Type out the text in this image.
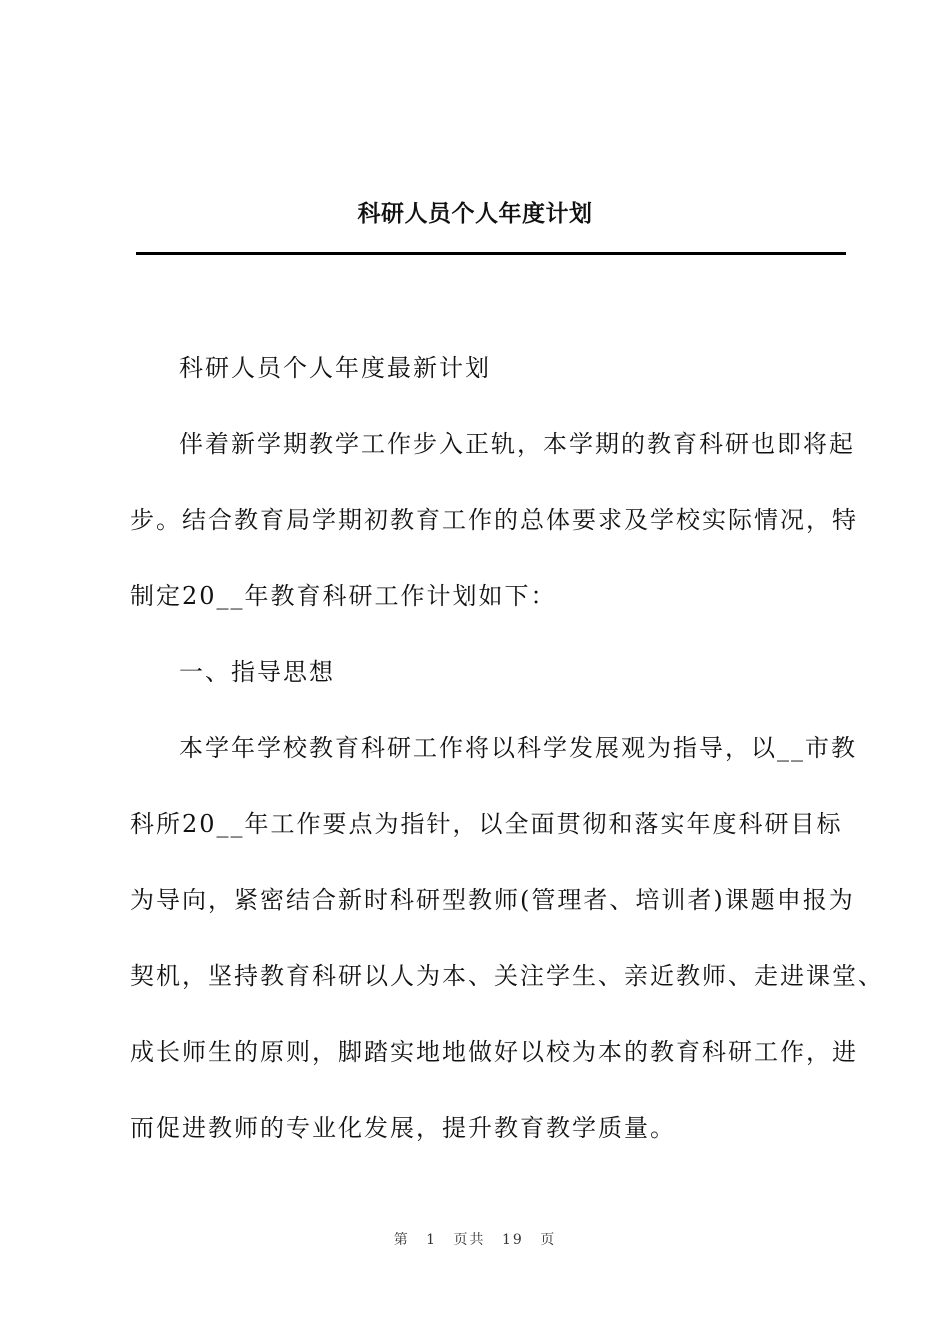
科研人员个人年度计划
科研人员个人年度最新计划
伴着新学期教学工作步入正轨，本学期的教育科研也即将起
步。结合教育局学期初教育工作的总体要求及学校实际情况，特
制定20__年教育科研工作计划如下：
一、指导思想
本学年学校教育科研工作将以科学发展观为指导，以__市教
科所20__年工作要点为指针，以全面贯彻和落实年度科研目标
为导向，紧密结合新时科研型教师(管理者、培训者)课题申报为
契机，坚持教育科研以人为本、关注学生、亲近教师、走进课堂、
成长师生的原则，脚踏实地地做好以校为本的教育科研工作，进
而促进教师的专业化发展，提升教育教学质量。
第 1 页共 19 页
